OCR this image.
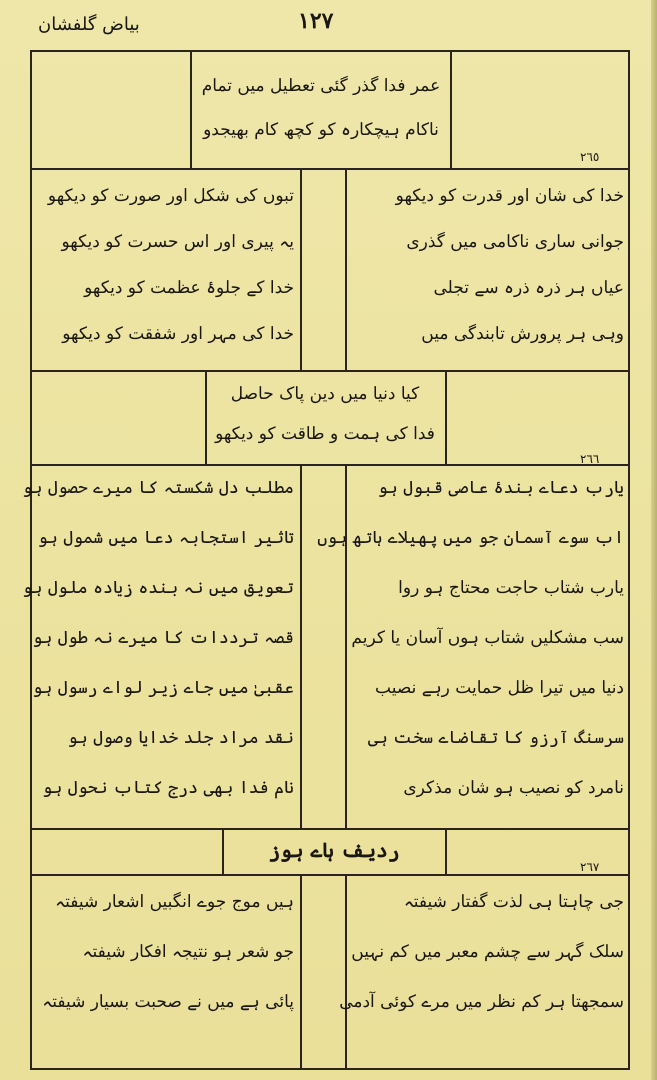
١٢٧
بیاض گلفشان
عمر فدا گذر گئی تعطیل میں تمام
ناکام ہیچکارہ کو کچھ کام بھیجدو
٢٦٥
خدا کی شان اور قدرت کو دیکھو
جوانی ساری ناکامی میں گذری
عیاں ہر ذرہ ذرہ سے تجلی
وہی ہر پرورش تابندگی میں
تبوں کی شکل اور صورت کو دیکھو
یہ پیری اور اس حسرت کو دیکھو
خدا کے جلوۂ عظمت کو دیکھو
خدا کی مہر اور شفقت کو دیکھو
کیا دنیا میں دین پاک حاصل
فدا کی ہمت و طاقت کو دیکھو
٢٦٦
یارب دعاے بندۂ عاصی قبول ہو
اب سوے آسمان جو میں پھیلاے ہاتھ ہوں
یارب شتاب حاجت محتاج ہو روا
سب مشکلیں شتاب ہوں آسان یا کریم
دنیا میں تیرا ظل حمایت رہے نصیب
سرسنگ آرزو کا تقاضاے سخت ہی
نامرد کو نصیب ہو شان مذکری
مطلب دل شکستہ کا میرے حصول ہو
تاثیر استجابہ دعا میں شمول ہو
تعویق میں نہ بندہ زیادہ ملول ہو
قصہ ترددات کا میرے نہ طول ہو
عقبیٰ میں جاے زیر لواے رسول ہو
نقد مراد جلد خدایا وصول ہو
نام فدا بھی درج کتاب نحول ہو
ردیف ہاے ہوز
٢٦٧
جی چاہتا ہی لذت گفتار شیفتہ
سلک گہر سے چشم معبر میں کم نہیں
سمجھتا ہر کم نظر میں مرے کوئی آدمی
ہیں موج جوے انگبیں اشعار شیفتہ
جو شعر ہو نتیجہ افکار شیفتہ
پائی ہے میں نے صحبت بسیار شیفتہ
